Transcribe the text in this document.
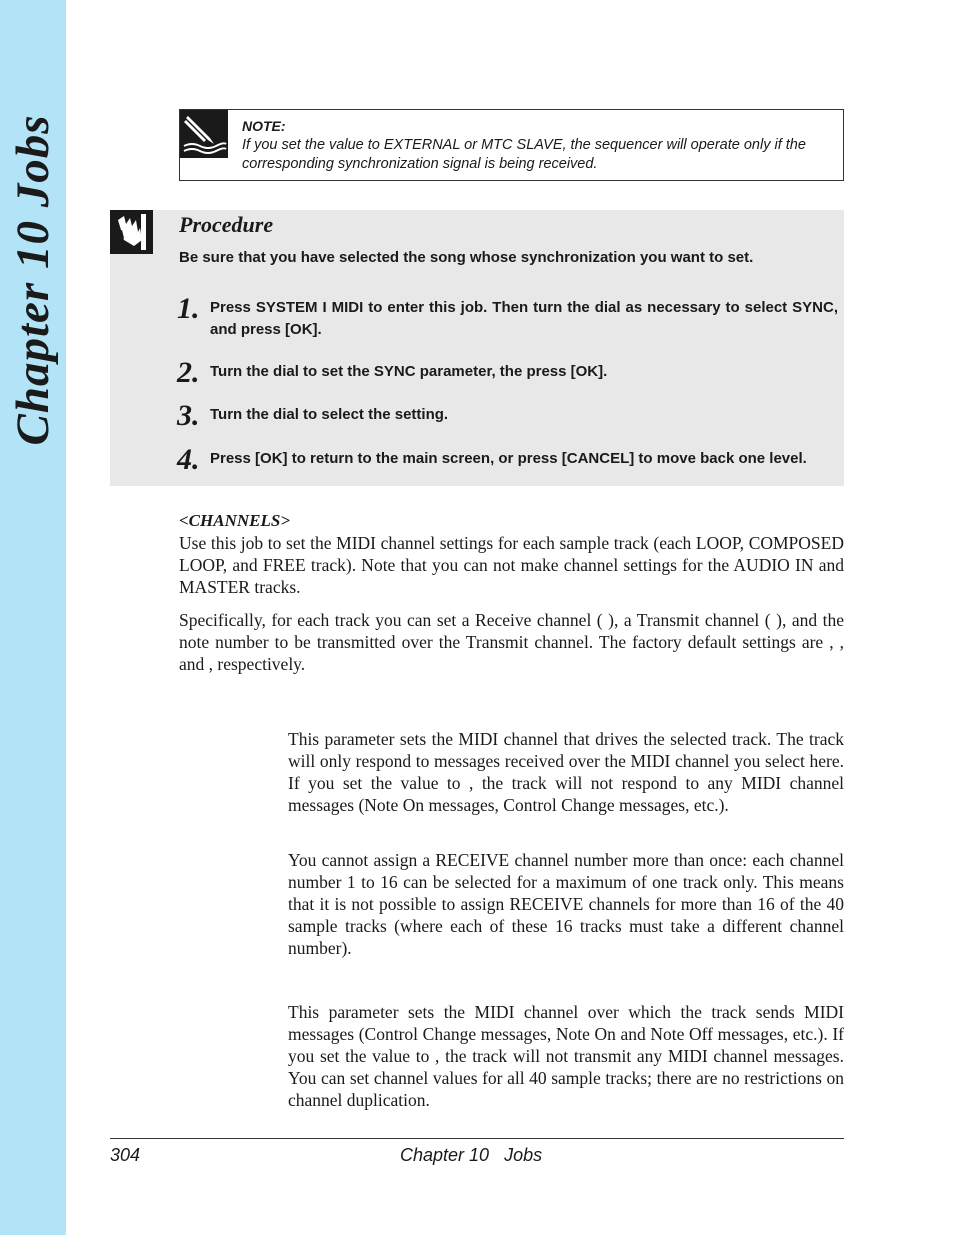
Chapter 10 Jobs	NOTE:
If you set the value to EXTERNAL or MTC SLAVE, the sequencer will operate only if the corresponding synchronization signal is being received.
Procedure
Be sure that you have selected the song whose synchronization you want to set.
1. Press SYSTEM I MIDI to enter this job. Then turn the dial as necessary to select SYNC, and press [OK].
2. Turn the dial to set the SYNC parameter, the press [OK].
3. Turn the dial to select the setting.
4. Press [OK] to return to the main screen, or press [CANCEL] to move back one level.
<CHANNELS>
Use this job to set the MIDI channel settings for each sample track (each LOOP, COMPOSED LOOP, and FREE track). Note that you can not make channel settings for the AUDIO IN and MASTER tracks.
Specifically, for each track you can set a Receive channel ( ), a Transmit channel ( ), and the note number to be transmitted over the Transmit channel. The factory default settings are , , and , respectively.
This parameter sets the MIDI channel that drives the selected track. The track will only respond to messages received over the MIDI channel you select here. If you set the value to , the track will not respond to any MIDI channel messages (Note On messages, Control Change messages, etc.).
You cannot assign a RECEIVE channel number more than once: each channel number 1 to 16 can be selected for a maximum of one track only. This means that it is not possible to assign RECEIVE channels for more than 16 of the 40 sample tracks (where each of these 16 tracks must take a different channel number).
This parameter sets the MIDI channel over which the track sends MIDI messages (Control Change messages, Note On and Note Off messages, etc.). If you set the value to , the track will not transmit any MIDI channel messages. You can set channel values for all 40 sample tracks; there are no restrictions on channel duplication.
304	Chapter 10   Jobs
